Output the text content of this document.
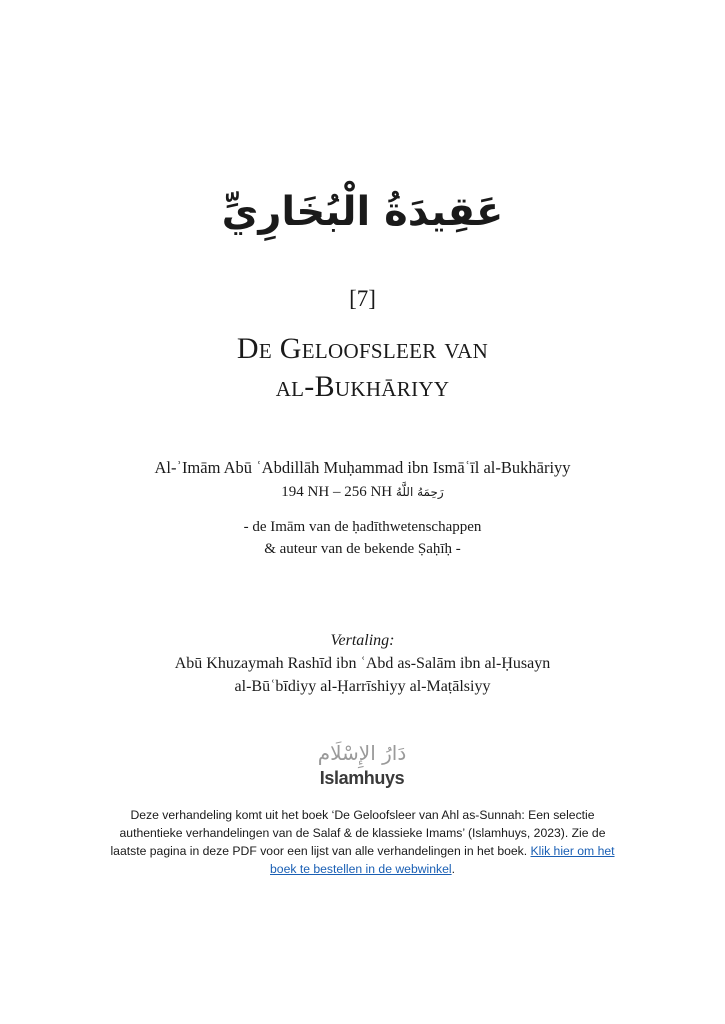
عَقِيدَةُ الْبُخَارِيِّ
[7]
De Geloofsleer van
al-Bukhāriyy
Al-ʾImām Abū ʿAbdillāh Muḥammad ibn Ismāʿīl al-Bukhāriyy
194 NH – 256 NH رَحِمَهُ اللَّهُ
- de Imām van de ḥadīthwetenschappen
& auteur van de bekende Ṣaḥīḥ -
Vertaling:
Abū Khuzaymah Rashīd ibn ʿAbd as-Salām ibn al-Ḥusayn
al-Būʿbīdiyy al-Ḥarrīshiyy al-Maṭālsiyy
دَارُ الإِسْلَام
Islamhuys
Deze verhandeling komt uit het boek ‘De Geloofsleer van Ahl as-Sunnah: Een selectie authentieke verhandelingen van de Salaf & de klassieke Imams’ (Islamhuys, 2023). Zie de laatste pagina in deze PDF voor een lijst van alle verhandelingen in het boek. Klik hier om het boek te bestellen in de webwinkel.
